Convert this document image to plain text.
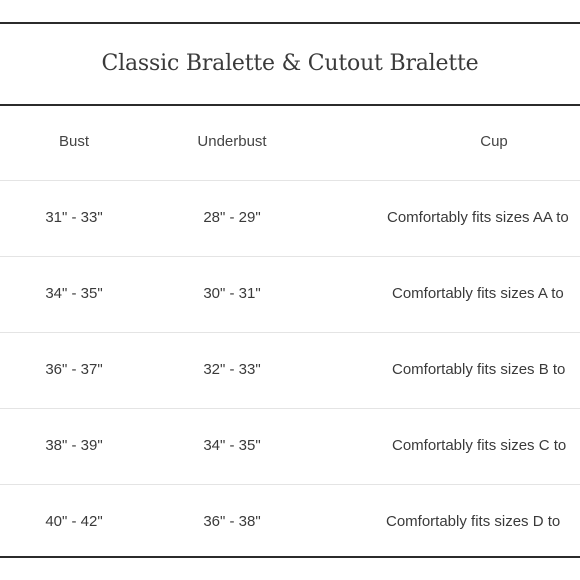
Classic Bralette & Cutout Bralette
Bust	Underbust	Cup
31" - 33"	28" - 29"	Comfortably fits sizes AA to
34" - 35"	30" - 31"	Comfortably fits sizes A to
36" - 37"	32" - 33"	Comfortably fits sizes B to
38" - 39"	34" - 35"	Comfortably fits sizes C to
40" - 42"	36" - 38"	Comfortably fits sizes D to
